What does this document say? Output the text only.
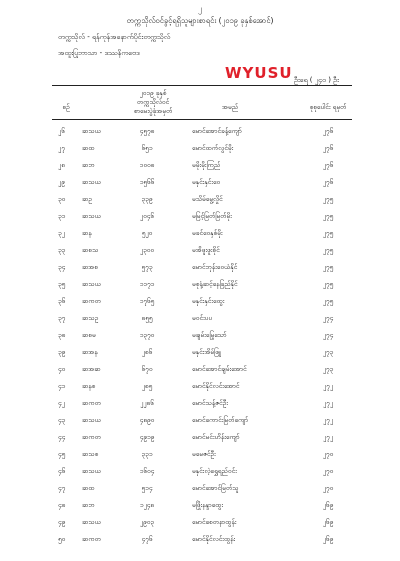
၂
တက္ကသိုလ်ဝင်ခွင့်ရရှိသူများစာရင်း (၂၀၁၉ ခုနှစ်အောင်)
တက္ကသိုလ် - ရန်ကုန်အနောက်ပိုင်းတက္ကသိုလ်
အထူးပြုဘာသာ - ဒဿနိကဗေဒ
WYUSU ဦးရေ ( ၂၄၀ ) ဦး
စဉ်
၂၀၁၉ ခုနှစ်
တက္ကသိုလ်ဝင်
စာမေးပွဲခုံအမှတ်	အမည်	စုစုပေါင်း ရမှတ်
၂၆	ဆသယ	၄၅၇၈	မောင်အောင်ခန့်ကျော်	၂၇၆
၂၇	ဆထ	၆၅၁	မောင်ထက်လွင်မိုး	၂၇၆
၂၈	ဆဘ	၁၀၀၈	မမိုးမိုးကြည်	၂၇၆
၂၉	ဆသယ	၁၅၆၆	မနှင်းနှင်းဝေ	၂၇၆
၃၀	ဆဥ	၃၃၉	မသိမ်မွေ့လှိုင်	၂၇၅
၃၁	ဆသယ	၂၀၄၆	မမြင့်မြတ်မြတ်မိုး	၂၇၅
၃၂	ဆန	၅၂၀	မခင်ဝေနှစ်မိုး	၂၇၅
၃၃	ဆစသ	၂၃၀၀	မအိဖူးဖူးစိုင်	၂၇၅
၃၄	ဆအစ	၅၇၃	မောင်ဘုန်းဝေယံနိုင်	၂၇၅
၃၅	ဆသယ	၁၁၇၁	မစုနံ့ဆင့်နေခြည်နိုင်	၂၇၅
၃၆	ဆကတ	၁၇၆၅	မနှင်းနှင်းထွေး	၂၇၅
၃၇	ဆသဥ	၈၅၅	မ၀င်းပပ	၂၇၄
၃၈	ဆစမ	၁၃၇၀	မချမ်းမြေ့သော်	၂၇၄
၃၉	ဆအန	၂၈၆	မနှင်းအိမ်ဖြူ	၂၇၃
၄၀	ဆအဆ	၆၇၀	မောင်အောင်ချမ်းအောင်	၂၇၃
၄၁	ဆနစ	၂၈၅	မောင်နိုင်လင်းအောင်	၂၇၂
၄၂	ဆကတ	၂၂၈၆	မောင်သန့်ဇင်ဦး	၂၇၂
၄၃	ဆသယ	၄၈၉၀	မောင်ကောင်းမြတ်ကျော်	၂၇၂
၄၄	ဆကတ	၄၉၁၉	မောင်မင်းဟိန်းကျော်	၂၇၂
၄၅	ဆသစ	၃၃၁	မမေဇင်ဦး	၂၇၀
၄၆	ဆသယ	၁၆၀၄	မနှင်းလဲ့ရွှေရည်ဝင်း	၂၇၀
၄၇	ဆထ	၅၁၄	မောင်အောင်မြတ်သူ	၂၇၀
၄၈	ဆဘ	၁၂၄၈	မဖြိုးနန္ဒာထွေး	၂၆၉
၄၉	ဆသယ	၂၉၀၃	မောင်စေတနာထွန်း	၂၆၉
၅၀	ဆကတ	၄၇၆	မောင်နိုင်လင်းထွန်း	၂၆၉
